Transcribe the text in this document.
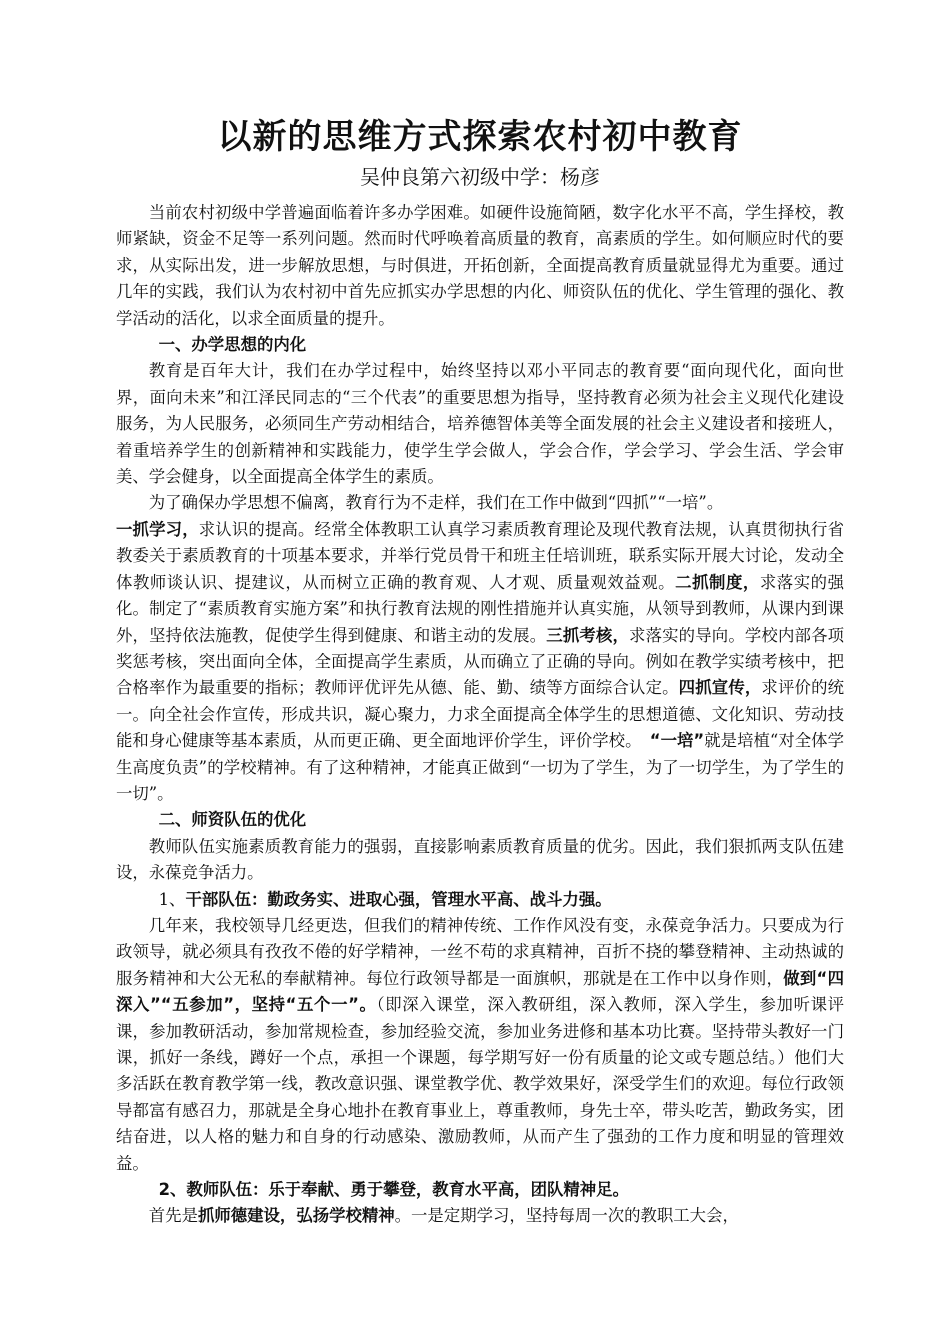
以新的思维方式探索农村初中教育
吴仲良第六初级中学：杨彦

当前农村初级中学普遍面临着许多办学困难。如硬件设施简陋，数字化水平不高，学生择校，教师紧缺，资金不足等一系列问题。然而时代呼唤着高质量的教育，高素质的学生。如何顺应时代的要求，从实际出发，进一步解放思想，与时俱进，开拓创新，全面提高教育质量就显得尤为重要。通过几年的实践，我们认为农村初中首先应抓实办学思想的内化、师资队伍的优化、学生管理的强化、教学活动的活化，以求全面质量的提升。

一、办学思想的内化

教育是百年大计，我们在办学过程中，始终坚持以邓小平同志的教育要“面向现代化，面向世界，面向未来”和江泽民同志的“三个代表”的重要思想为指导，坚持教育必须为社会主义现代化建设服务，为人民服务，必须同生产劳动相结合，培养德智体美等全面发展的社会主义建设者和接班人，着重培养学生的创新精神和实践能力，使学生学会做人，学会合作，学会学习、学会生活、学会审美、学会健身，以全面提高全体学生的素质。

为了确保办学思想不偏离，教育行为不走样，我们在工作中做到“四抓”“一培”。

一抓学习，求认识的提高。经常全体教职工认真学习素质教育理论及现代教育法规，认真贯彻执行省教委关于素质教育的十项基本要求，并举行党员骨干和班主任培训班，联系实际开展大讨论，发动全体教师谈认识、提建议，从而树立正确的教育观、人才观、质量观效益观。二抓制度，求落实的强化。制定了“素质教育实施方案”和执行教育法规的刚性措施并认真实施，从领导到教师，从课内到课外，坚持依法施教，促使学生得到健康、和谐主动的发展。三抓考核，求落实的导向。学校内部各项奖惩考核，突出面向全体，全面提高学生素质，从而确立了正确的导向。例如在教学实绩考核中，把合格率作为最重要的指标；教师评优评先从德、能、勤、绩等方面综合认定。四抓宣传，求评价的统一。向全社会作宣传，形成共识，凝心聚力，力求全面提高全体学生的思想道德、文化知识、劳动技能和身心健康等基本素质，从而更正确、更全面地评价学生，评价学校。　“一培”就是培植“对全体学生高度负责”的学校精神。有了这种精神，才能真正做到“一切为了学生，为了一切学生，为了学生的一切”。

二、师资队伍的优化

教师队伍实施素质教育能力的强弱，直接影响素质教育质量的优劣。因此，我们狠抓两支队伍建设，永葆竞争活力。

1、干部队伍：勤政务实、进取心强，管理水平高、战斗力强。

几年来，我校领导几经更迭，但我们的精神传统、工作作风没有变，永葆竞争活力。只要成为行政领导，就必须具有孜孜不倦的好学精神，一丝不苟的求真精神，百折不挠的攀登精神、主动热诚的服务精神和大公无私的奉献精神。每位行政领导都是一面旗帜，那就是在工作中以身作则，做到“四深入”“五参加”，坚持“五个一”。（即深入课堂，深入教研组，深入教师，深入学生，参加听课评课，参加教研活动，参加常规检查，参加经验交流，参加业务进修和基本功比赛。坚持带头教好一门课，抓好一条线，蹲好一个点，承担一个课题，每学期写好一份有质量的论文或专题总结。）他们大多活跃在教育教学第一线，教改意识强、课堂教学优、教学效果好，深受学生们的欢迎。每位行政领导都富有感召力，那就是全身心地扑在教育事业上，尊重教师，身先士卒，带头吃苦，勤政务实，团结奋进，以人格的魅力和自身的行动感染、激励教师，从而产生了强劲的工作力度和明显的管理效益。

2、教师队伍：乐于奉献、勇于攀登，教育水平高，团队精神足。

首先是抓师德建设，弘扬学校精神。一是定期学习，坚持每周一次的教职工大会，
